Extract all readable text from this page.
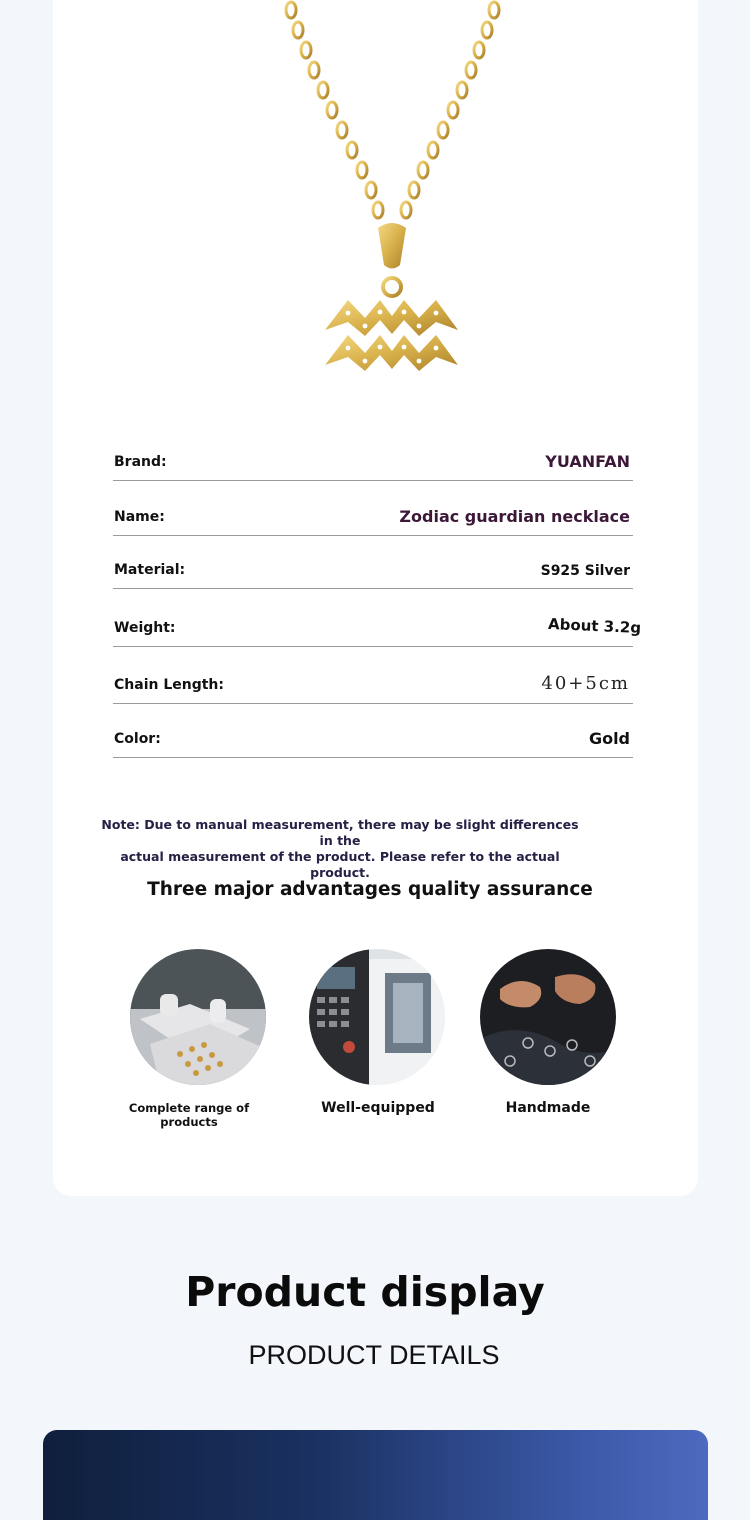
Brand:	YUANFAN
Name:	Zodiac guardian necklace
Material:	S925 Silver
Weight:	About 3.2g
Chain Length:	40+5cm
Color:	Gold
Note: Due to manual measurement, there may be slight differences in the
actual measurement of the product. Please refer to the actual product.
Three major advantages quality assurance
Complete range of products
Well-equipped	Handmade
Product display
PRODUCT DETAILS
